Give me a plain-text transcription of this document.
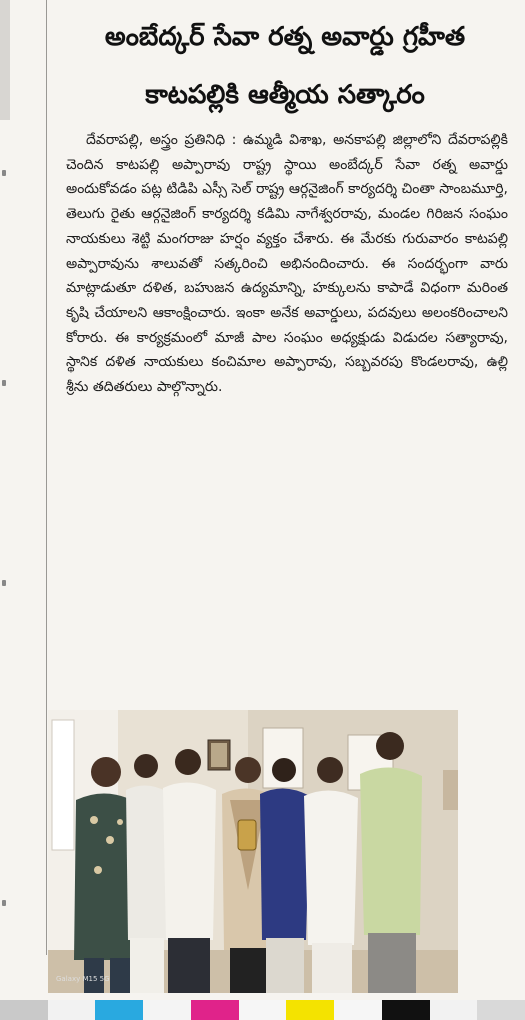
అంబేద్కర్ సేవా రత్న అవార్డు గ్రహీత
కాటపల్లికి ఆత్మీయ సత్కారం
దేవరాపల్లి, అస్త్రం ప్రతినిధి : ఉమ్మడి విశాఖ, అనకాపల్లి జిల్లాలోని దేవరాపల్లికి చెందిన కాటపల్లి అప్పారావు రాష్ట్ర స్థాయి అంబేద్కర్ సేవా రత్న అవార్డు అందుకోవడం పట్ల టిడిపి ఎస్సీ సెల్ రాష్ట్ర ఆర్గనైజింగ్ కార్యదర్శి చింతా సాంబమూర్తి, తెలుగు రైతు ఆర్గనైజింగ్ కార్యదర్శి కడిమి నాగేశ్వరరావు, మండల గిరిజన సంఘం నాయకులు శెట్టి మంగరాజు హర్షం వ్యక్తం చేశారు. ఈ మేరకు గురువారం కాటపల్లి అప్పారావును శాలువతో సత్కరించి అభినందించారు. ఈ సందర్భంగా వారు మాట్లాడుతూ దళిత, బహుజన ఉద్యమాన్ని, హక్కులను కాపాడే విధంగా మరింత కృషి చేయాలని ఆకాంక్షించారు. ఇంకా అనేక అవార్డులు, పదవులు అలంకరించాలని కోరారు. ఈ కార్యక్రమంలో మాజీ పాల సంఘం అధ్యక్షుడు విడుదల సత్యారావు, స్థానిక దళిత నాయకులు కంచిమాల అప్పారావు, సబ్బవరపు కొండలరావు, ఉల్లి శ్రీను తదితరులు పాల్గొన్నారు.
Galaxy M15 5G
